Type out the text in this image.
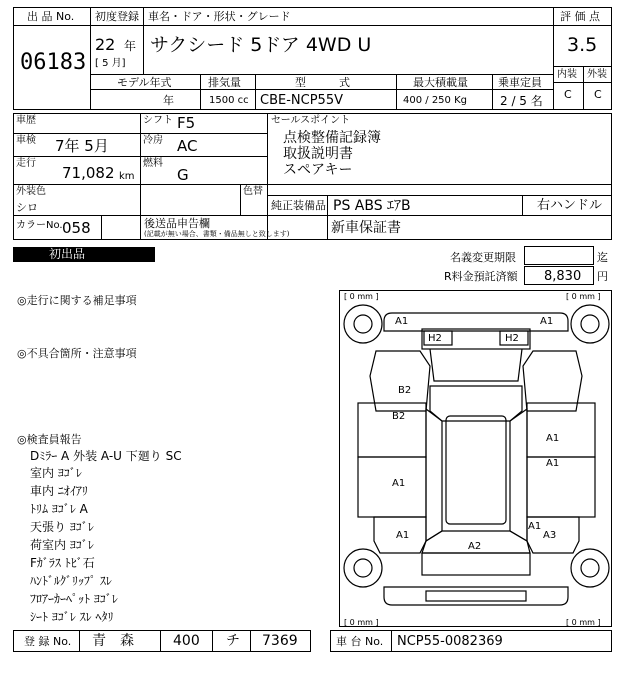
出 品 No.
06183
初度登録 車名・ドア・形状・グレード
22 年
[ 5 月]
サクシード 5ドア 4WD U
モデル年式	排気量	型　　　式	最大積載量	乗車定員
年	1500 cc CBE-NCP55V	400 / 250 Kg	2 / 5 名
評 価 点
3.5
内装 外装
C C
車歴
車検 7年 5月
走行
71,082 km
シフト F5
冷房 AC
燃料
G
セールスポイント
点検整備記録簿
取扱説明書
スペアキー
外装色
シロ
色替
純正装備品 PS ABS ｴｱB	右ハンドル
カラーNo. 058	後送品申告欄
(記載が無い場合、書類・備品無しと致します)	新車保証書
初出品	名義変更期限	迄
R料金預託済額 8,830 円
◎走行に関する補足事項
◎不具合箇所・注意事項
◎検査員報告
Dﾐﾗｰ A 外装 A-U 下廻り SC
室内 ﾖｺﾞﾚ
車内 ﾆｵｲｱﾘ
ﾄﾘﾑ ﾖｺﾞﾚ A
天張り ﾖｺﾞﾚ
荷室内 ﾖｺﾞﾚ
Fｶﾞﾗｽ ﾄﾋﾞ石
ﾊﾝﾄﾞﾙｸﾞﾘｯﾌﾟ ｽﾚ
ﾌﾛｱｰｶｰﾍﾟｯﾄ ﾖｺﾞﾚ
ｼｰﾄ ﾖｺﾞﾚ ｽﾚ ﾍﾀﾘ
[ 0 mm ]	[ 0 mm ]
[ 0 mm ]	[ 0 mm ]
A1	A1
H2	H2
B2
B2
A1
A1
A1
A1
A1
A3
A2
登 録 No. 青　森	400 チ 7369	車 台 No. NCP55-0082369
